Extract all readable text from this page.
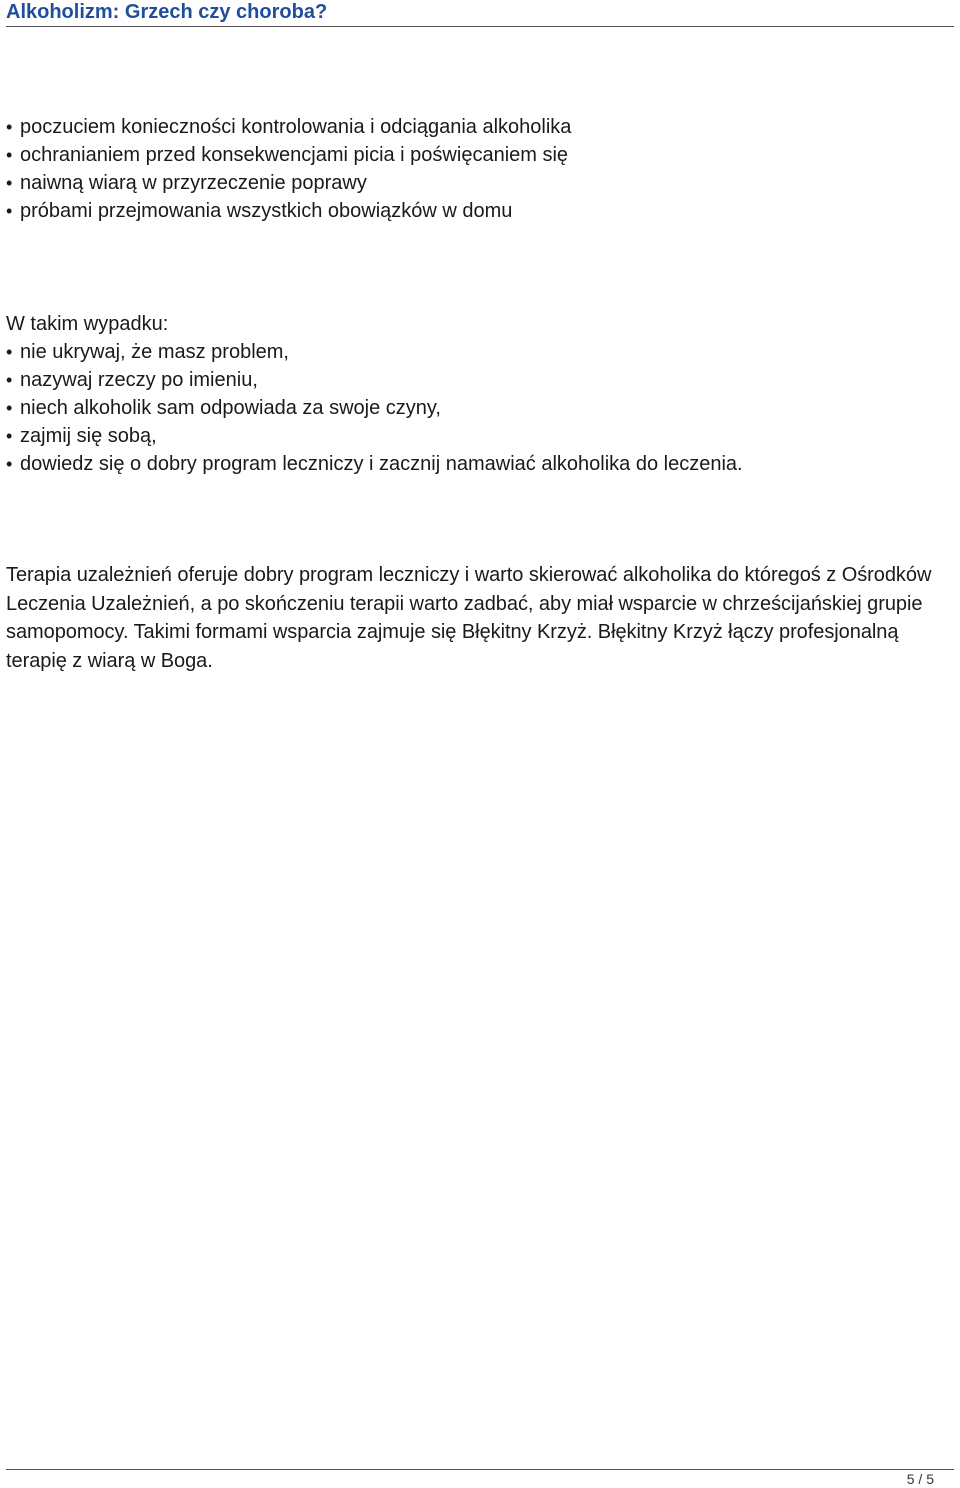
Alkoholizm: Grzech czy choroba?
• poczuciem konieczności kontrolowania i odciągania alkoholika
• ochranianiem przed konsekwencjami picia i poświęcaniem się
• naiwną wiarą w przyrzeczenie poprawy
• próbami przejmowania wszystkich obowiązków w domu
W takim wypadku:
• nie ukrywaj, że masz problem,
• nazywaj rzeczy po imieniu,
• niech alkoholik sam odpowiada za swoje czyny,
• zajmij się sobą,
• dowiedz się o dobry program leczniczy i zacznij namawiać alkoholika do leczenia.

Terapia uzależnień oferuje dobry program leczniczy i warto skierować alkoholika do któregoś z Ośrodków Leczenia Uzależnień, a po skończeniu terapii warto zadbać, aby miał wsparcie w chrześcijańskiej grupie samopomocy. Takimi formami wsparcia zajmuje się Błękitny Krzyż. Błękitny Krzyż łączy profesjonalną terapię z wiarą w Boga.

5 / 5
